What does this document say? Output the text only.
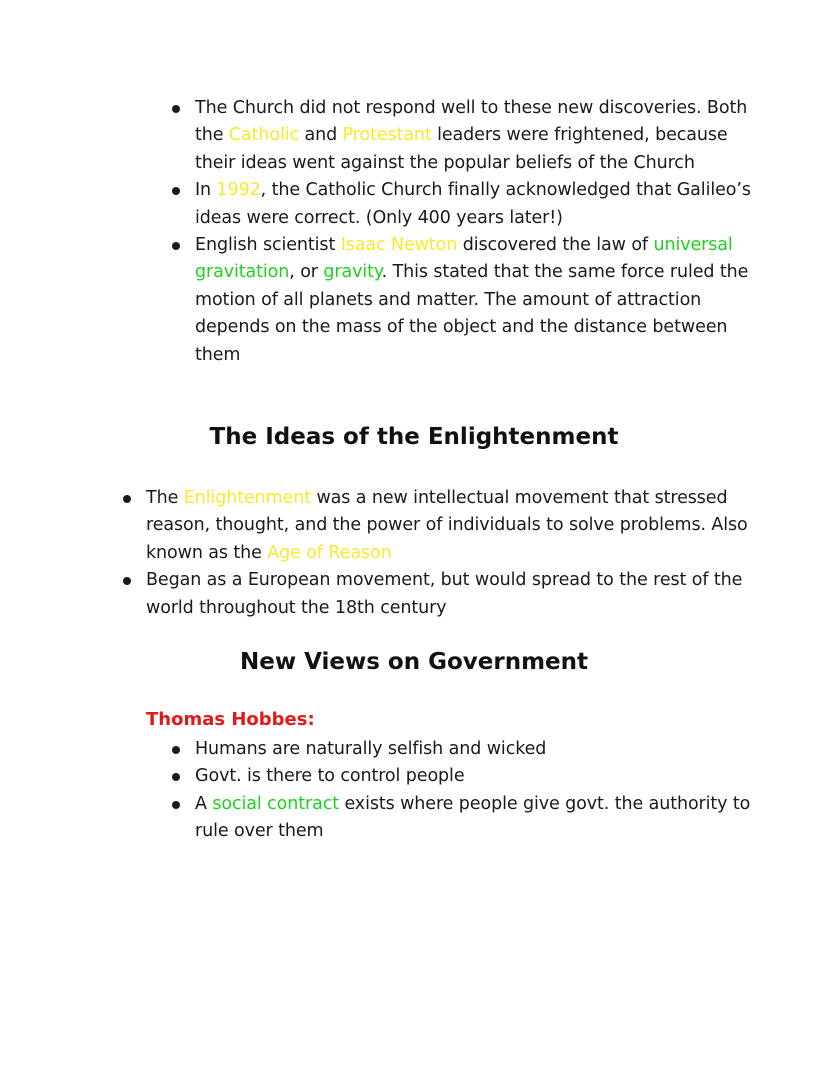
The Church did not respond well to these new discoveries. Both the Catholic and Protestant leaders were frightened, because their ideas went against the popular beliefs of the Church
In 1992, the Catholic Church finally acknowledged that Galileo’s ideas were correct. (Only 400 years later!)
English scientist Isaac Newton discovered the law of universal gravitation, or gravity. This stated that the same force ruled the motion of all planets and matter. The amount of attraction depends on the mass of the object and the distance between them
The Ideas of the Enlightenment
The Enlightenment was a new intellectual movement that stressed reason, thought, and the power of individuals to solve problems. Also known as the Age of Reason
Began as a European movement, but would spread to the rest of the world throughout the 18th century
New Views on Government
Thomas Hobbes:
Humans are naturally selfish and wicked
Govt. is there to control people
A social contract exists where people give govt. the authority to rule over them
